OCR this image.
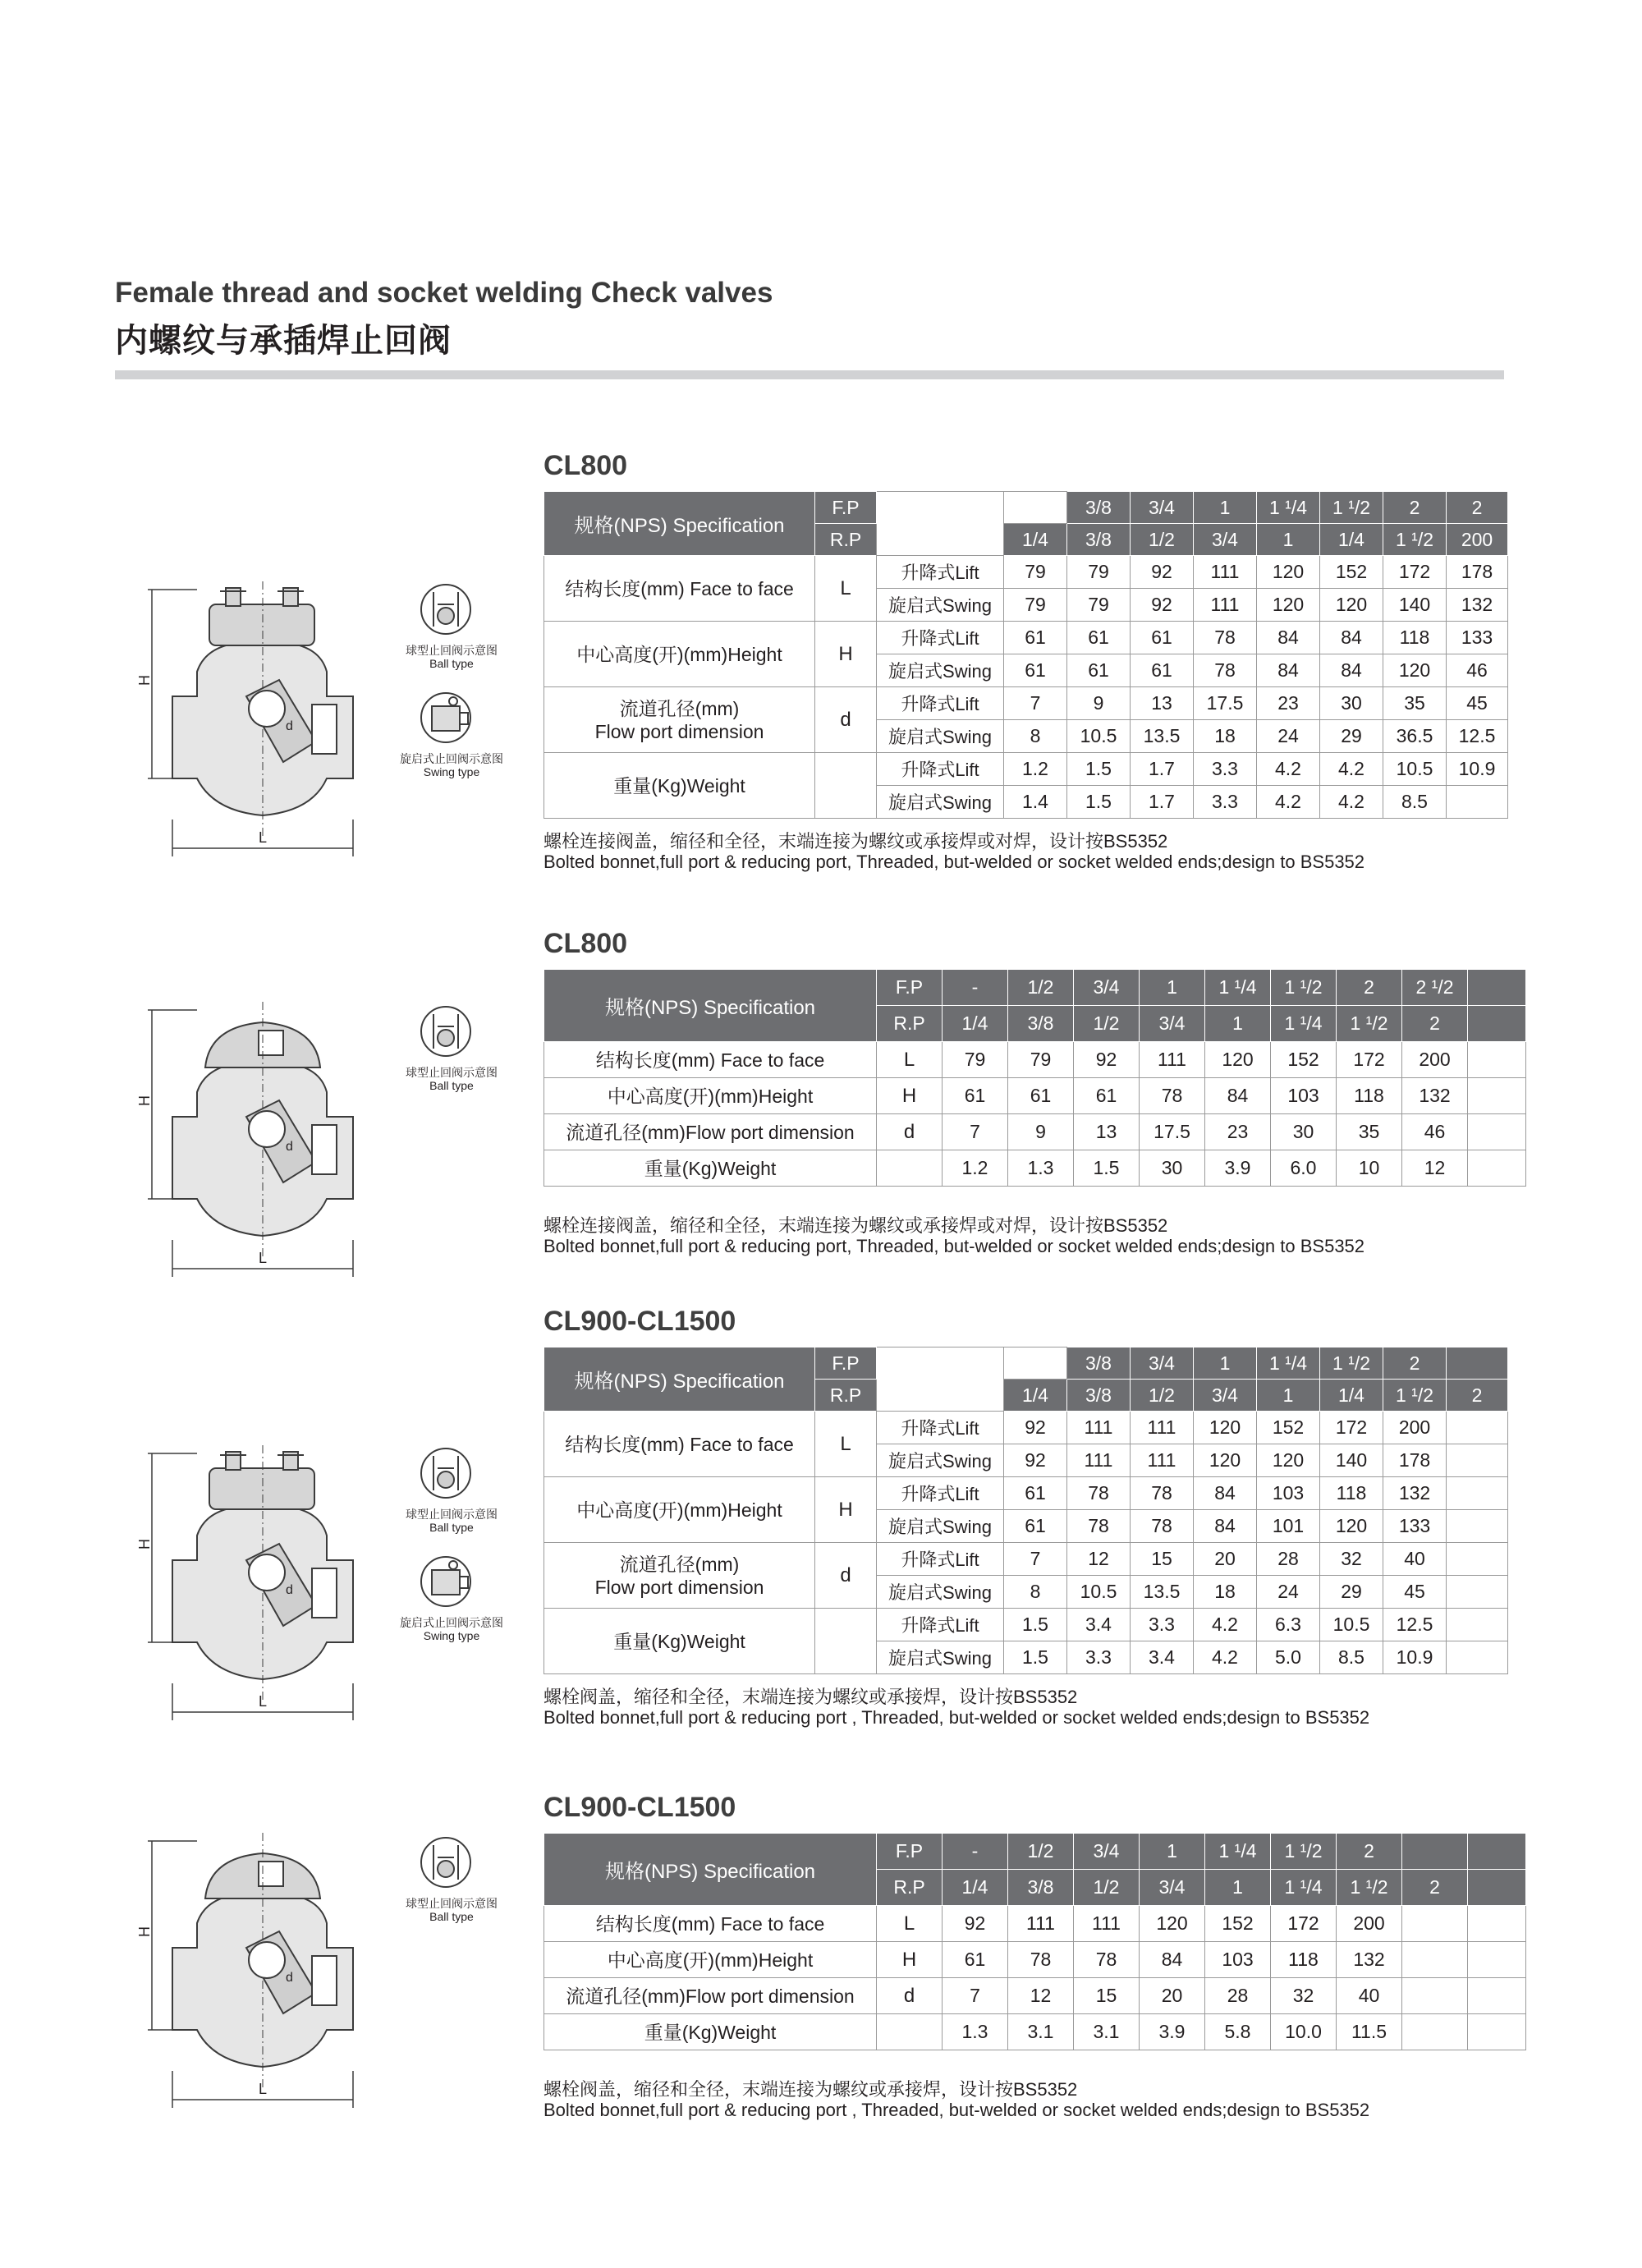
Female thread and socket welding Check valves
内螺纹与承插焊止回阀
CL800
H
L
d
球型止回阀示意图
Ball type
旋启式止回阀示意图
Swing type
规格(NPS) Specification	F.P			3/8	3/4	1	1 ¹/4	1 ¹/2	2	2
	R.P		1/4	3/8	1/2	3/4	1	1/4	1 ¹/2	200

结构长度(mm) Face to face	L	升降式Lift	79	79	92	111	120	152	172	178
		旋启式Swing	79	79	92	111	120	120	140	132

中心高度(开)(mm)Height	H	升降式Lift	61	61	61	78	84	84	118	133
		旋启式Swing	61	61	61	78	84	84	120	46

流道孔径(mm)
Flow port dimension	d	升降式Lift	7	9	13	17.5	23	30	35	45
		旋启式Swing	8	10.5	13.5	18	24	29	36.5	12.5

重量(Kg)Weight		升降式Lift	1.2	1.5	1.7	3.3	4.2	4.2	10.5	10.9
		旋启式Swing	1.4	1.5	1.7	3.3	4.2	4.2	8.5	
螺栓连接阀盖，缩径和全径，末端连接为螺纹或承接焊或对焊，设计按BS5352
Bolted bonnet,full port & reducing port, Threaded, but-welded or socket welded ends;design to BS5352
CL800
H
L
d
球型止回阀示意图
Ball type
规格(NPS) Specification	F.P	-	1/2	3/4	1	1 ¹/4	1 ¹/2	2	2 ¹/2	
	R.P	1/4	3/8	1/2	3/4	1	1 ¹/4	1 ¹/2	2	
结构长度(mm) Face to face	L	79	79	92	111	120	152	172	200	
中心高度(开)(mm)Height	H	61	61	61	78	84	103	118	132	
流道孔径(mm)Flow port dimension	d	7	9	13	17.5	23	30	35	46	
重量(Kg)Weight		1.2	1.3	1.5	30	3.9	6.0	10	12	
螺栓连接阀盖，缩径和全径，末端连接为螺纹或承接焊或对焊，设计按BS5352
Bolted bonnet,full port & reducing port, Threaded, but-welded or socket welded ends;design to BS5352
CL900-CL1500
H
L
d
球型止回阀示意图
Ball type
旋启式止回阀示意图
Swing type
规格(NPS) Specification	F.P			3/8	3/4	1	1 ¹/4	1 ¹/2	2	
	R.P		1/4	3/8	1/2	3/4	1	1/4	1 ¹/2	2

结构长度(mm) Face to face	L	升降式Lift	92	111	111	120	152	172	200	
		旋启式Swing	92	111	111	120	120	140	178	

中心高度(开)(mm)Height	H	升降式Lift	61	78	78	84	103	118	132	
		旋启式Swing	61	78	78	84	101	120	133	

流道孔径(mm)
Flow port dimension	d	升降式Lift	7	12	15	20	28	32	40	
		旋启式Swing	8	10.5	13.5	18	24	29	45	

重量(Kg)Weight		升降式Lift	1.5	3.4	3.3	4.2	6.3	10.5	12.5	
		旋启式Swing	1.5	3.3	3.4	4.2	5.0	8.5	10.9	
螺栓阀盖，缩径和全径，末端连接为螺纹或承接焊，设计按BS5352
Bolted bonnet,full port & reducing port , Threaded, but-welded or socket welded ends;design to BS5352
CL900-CL1500
H
L
d
球型止回阀示意图
Ball type
规格(NPS) Specification	F.P	-	1/2	3/4	1	1 ¹/4	1 ¹/2	2		
	R.P	1/4	3/8	1/2	3/4	1	1 ¹/4	1 ¹/2	2	
结构长度(mm) Face to face	L	92	111	111	120	152	172	200		
中心高度(开)(mm)Height	H	61	78	78	84	103	118	132		
流道孔径(mm)Flow port dimension	d	7	12	15	20	28	32	40		
重量(Kg)Weight		1.3	3.1	3.1	3.9	5.8	10.0	11.5		
螺栓阀盖，缩径和全径，末端连接为螺纹或承接焊，设计按BS5352
Bolted bonnet,full port & reducing port , Threaded, but-welded or socket welded ends;design to BS5352
